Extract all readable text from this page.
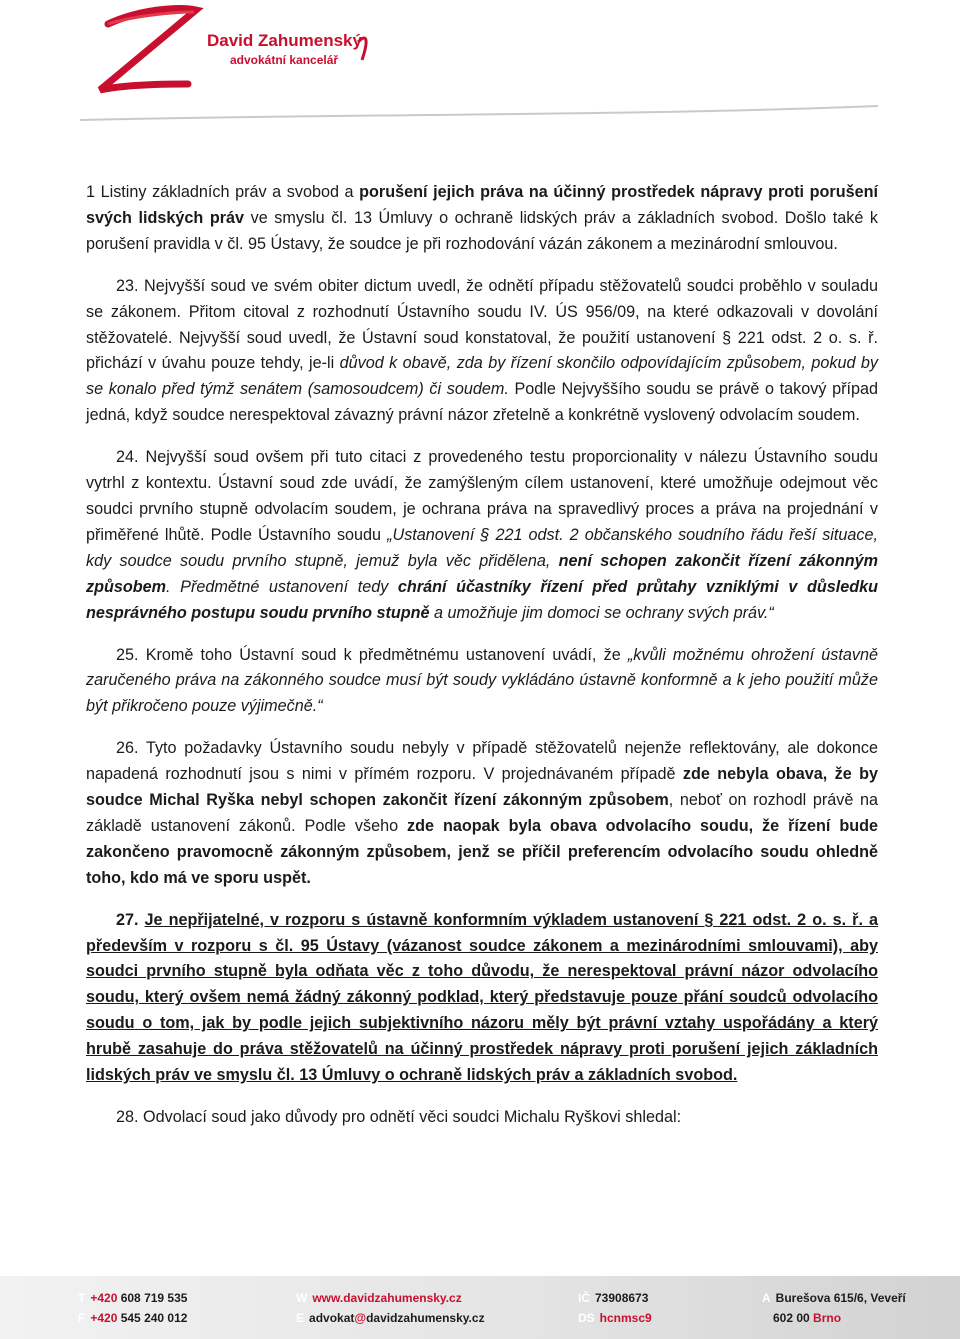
David Zahumenský
advokátní kancelář

1 Listiny základních práv a svobod a porušení jejich práva na účinný prostředek nápravy proti porušení svých lidských práv ve smyslu čl. 13 Úmluvy o ochraně lidských práv a základních svobod. Došlo také k porušení pravidla v čl. 95 Ústavy, že soudce je při rozhodování vázán zákonem a mezinárodní smlouvou.

23. Nejvyšší soud ve svém obiter dictum uvedl, že odnětí případu stěžovatelů soudci proběhlo v souladu se zákonem. Přitom citoval z rozhodnutí Ústavního soudu IV. ÚS 956/09, na které odkazovali v dovolání stěžovatelé. Nejvyšší soud uvedl, že Ústavní soud konstatoval, že použití ustanovení § 221 odst. 2 o. s. ř. přichází v úvahu pouze tehdy, je-li důvod k obavě, zda by řízení skončilo odpovídajícím způsobem, pokud by se konalo před týmž senátem (samosoudcem) či soudem. Podle Nejvyššího soudu se právě o takový případ jedná, když soudce nerespektoval závazný právní názor zřetelně a konkrétně vyslovený odvolacím soudem.

24. Nejvyšší soud ovšem při tuto citaci z provedeného testu proporcionality v nálezu Ústavního soudu vytrhl z kontextu. Ústavní soud zde uvádí, že zamýšleným cílem ustanovení, které umožňuje odejmout věc soudci prvního stupně odvolacím soudem, je ochrana práva na spravedlivý proces a práva na projednání v přiměřené lhůtě. Podle Ústavního soudu „Ustanovení § 221 odst. 2 občanského soudního řádu řeší situace, kdy soudce soudu prvního stupně, jemuž byla věc přidělena, není schopen zakončit řízení zákonným způsobem. Předmětné ustanovení tedy chrání účastníky řízení před průtahy vzniklými v důsledku nesprávného postupu soudu prvního stupně a umožňuje jim domoci se ochrany svých práv.“

25. Kromě toho Ústavní soud k předmětnému ustanovení uvádí, že „kvůli možnému ohrožení ústavně zaručeného práva na zákonného soudce musí být soudy vykládáno ústavně konformně a k jeho použití může být přikročeno pouze výjimečně.“

26. Tyto požadavky Ústavního soudu nebyly v případě stěžovatelů nejenže reflektovány, ale dokonce napadená rozhodnutí jsou s nimi v přímém rozporu. V projednávaném případě zde nebyla obava, že by soudce Michal Ryška nebyl schopen zakončit řízení zákonným způsobem, neboť on rozhodl právě na základě ustanovení zákonů. Podle všeho zde naopak byla obava odvolacího soudu, že řízení bude zakončeno pravomocně zákonným způsobem, jenž se příčil preferencím odvolacího soudu ohledně toho, kdo má ve sporu uspět.

27. Je nepřijatelné, v rozporu s ústavně konformním výkladem ustanovení § 221 odst. 2 o. s. ř. a především v rozporu s čl. 95 Ústavy (vázanost soudce zákonem a mezinárodními smlouvami), aby soudci prvního stupně byla odňata věc z toho důvodu, že nerespektoval právní názor odvolacího soudu, který ovšem nemá žádný zákonný podklad, který představuje pouze přání soudců odvolacího soudu o tom, jak by podle jejich subjektivního názoru měly být právní vztahy uspořádány a který hrubě zasahuje do práva stěžovatelů na účinný prostředek nápravy proti porušení jejich základních lidských práv ve smyslu čl. 13 Úmluvy o ochraně lidských práv a základních svobod.

28. Odvolací soud jako důvody pro odnětí věci soudci Michalu Ryškovi shledal:

T +420 608 719 535
F +420 545 240 012
W www.davidzahumensky.cz
E advokat@davidzahumensky.cz
IČ 73908673
DS hcnmsc9
A Burešova 615/6, Veveří
602 00 Brno
